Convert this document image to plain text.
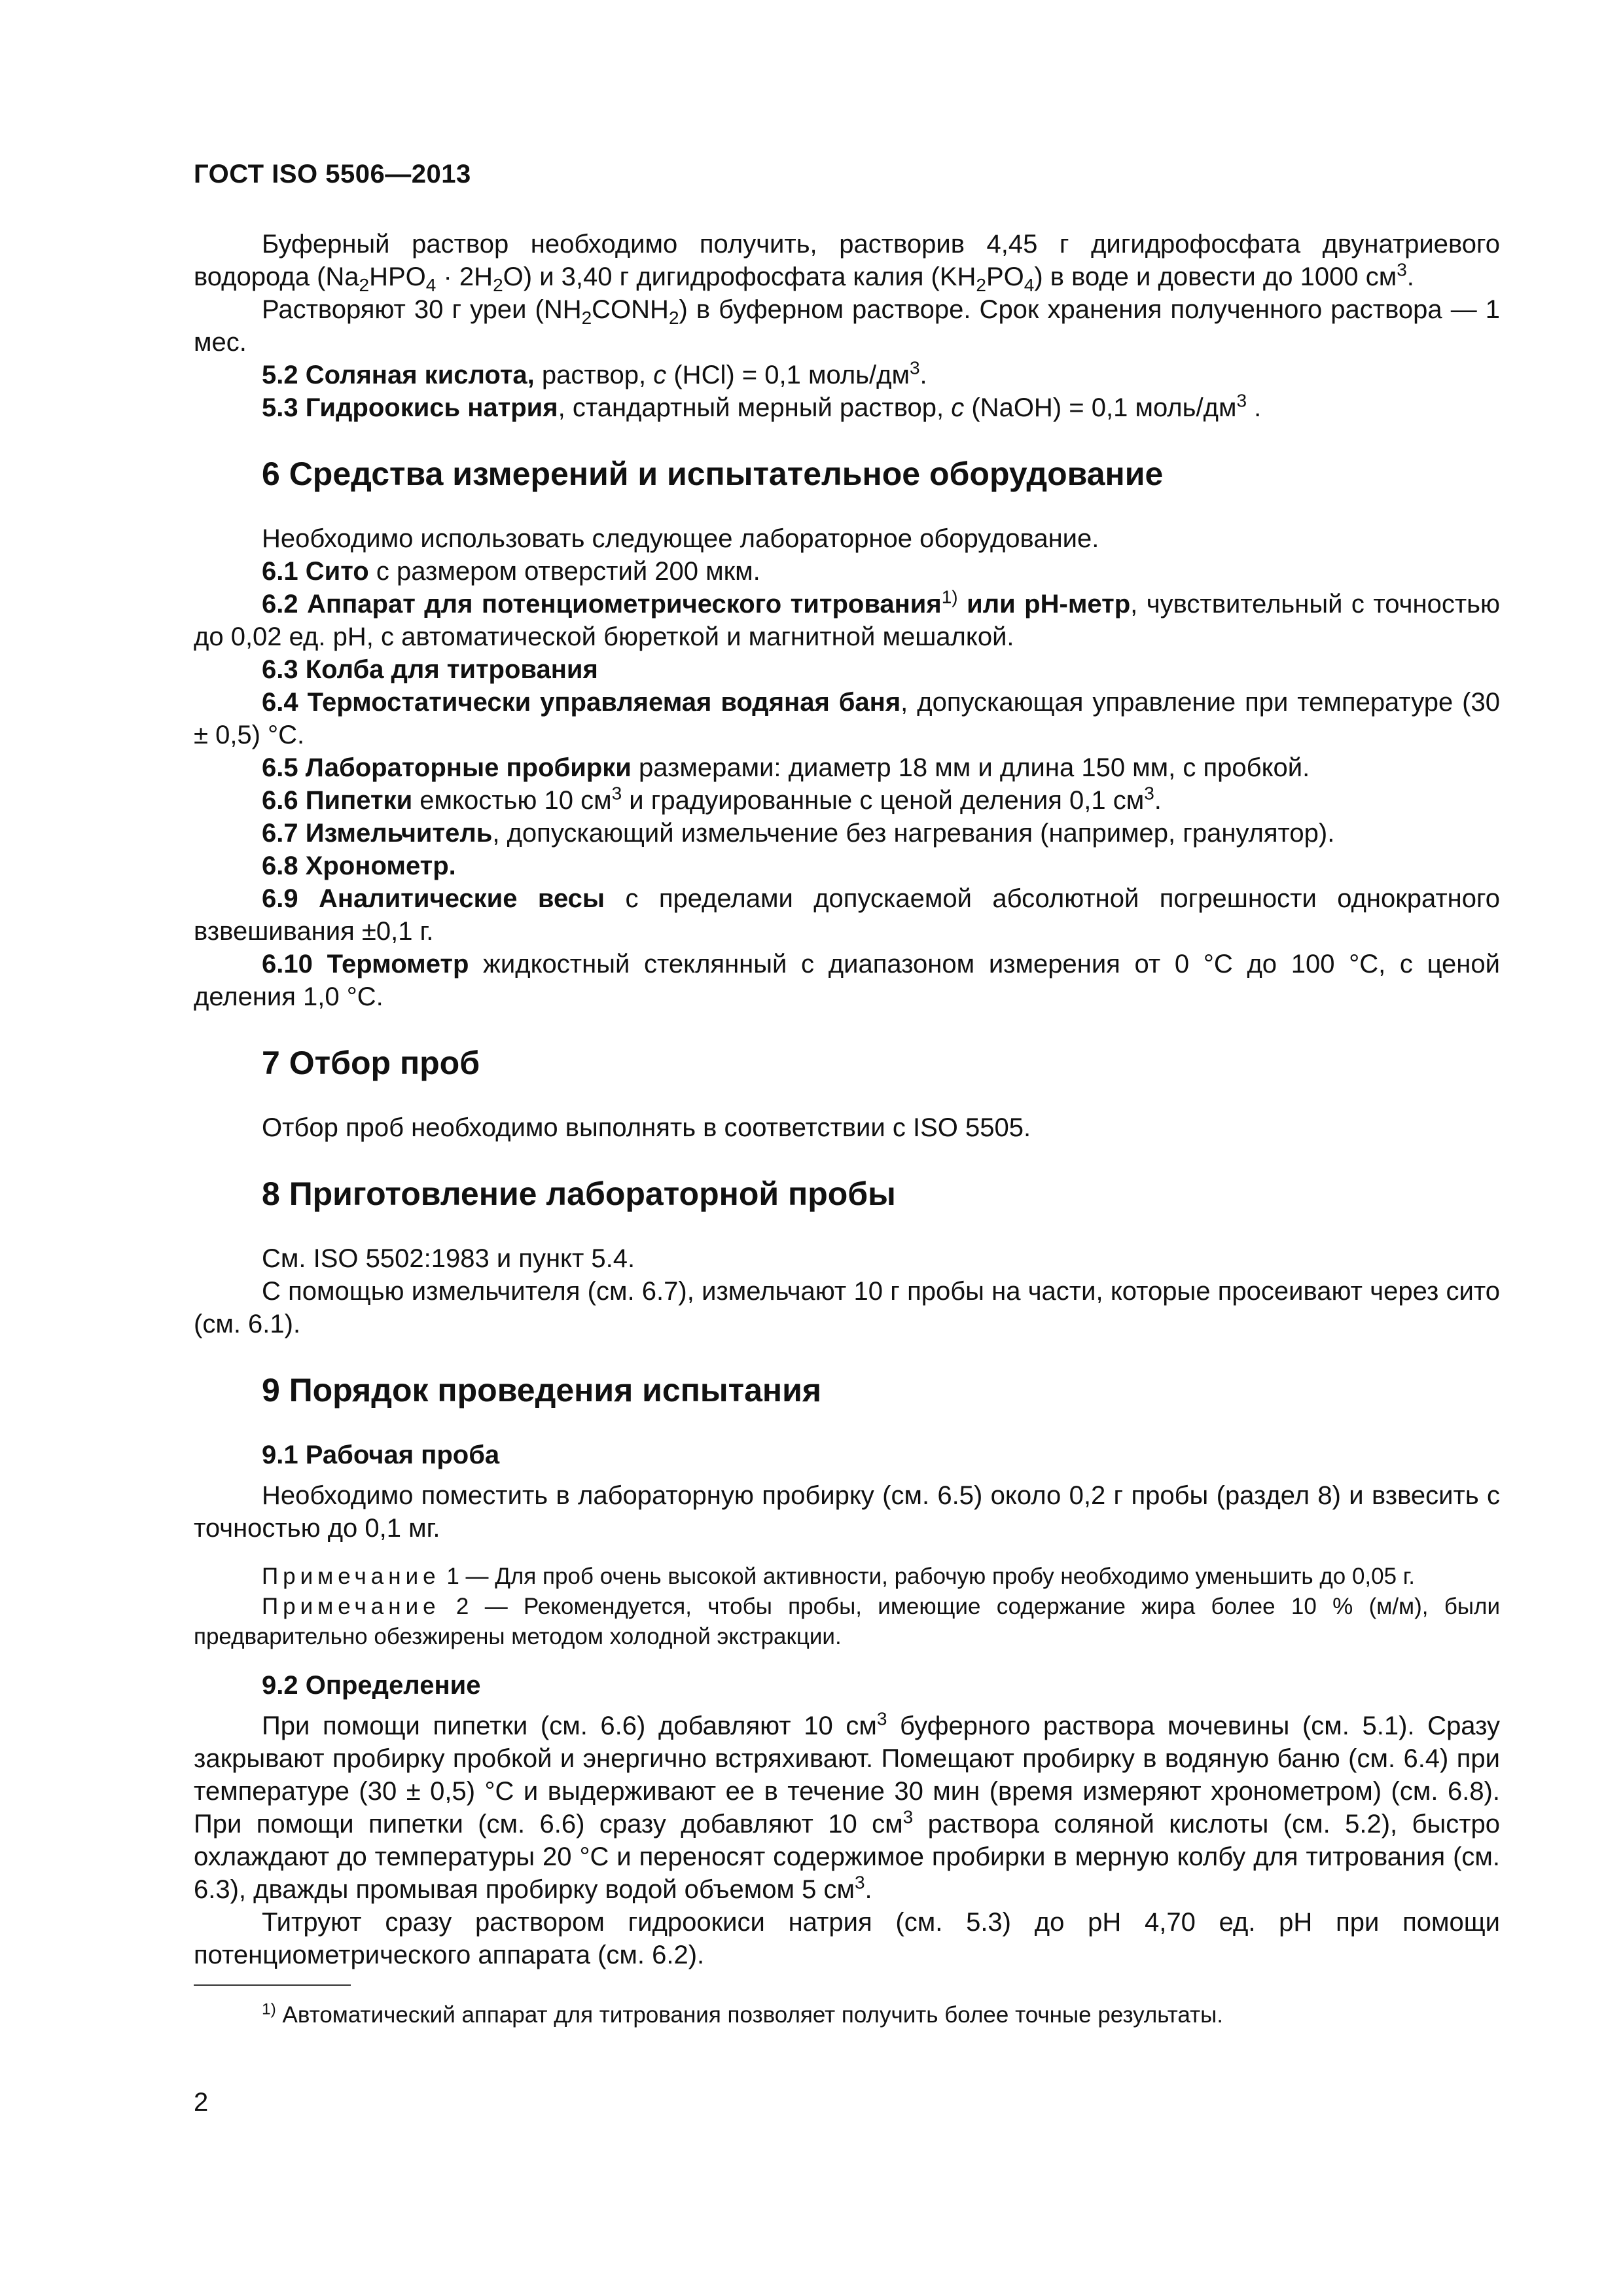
ГОСТ ISO 5506—2013

Буферный раствор необходимо получить, растворив 4,45 г дигидрофосфата двунатриевого водорода $(Na_2HPO_4 \cdot 2H_2O)$ и 3,40 г дигидрофосфата калия $(KH_2PO_4)$ в воде и довести до 1000 $см^3$.

Растворяют 30 г уреи $(NH_2CONH_2)$ в буферном растворе. Срок хранения полученного раствора — 1 мес.

5.2 Соляная кислота, раствор, c (HCl) = 0,1 моль/$дм^3$.

5.3 Гидроокись натрия, стандартный мерный раствор, c (NaOH) = 0,1 моль/$дм^3$ .

6 Средства измерений и испытательное оборудование

Необходимо использовать следующее лабораторное оборудование.

6.1 Сито с размером отверстий 200 мкм.

6.2 Аппарат для потенциометрического титрования$^{1)}$ или pH-метр, чувствительный с точностью до 0,02 ед. pH, с автоматической бюреткой и магнитной мешалкой.

6.3 Колба для титрования

6.4 Термостатически управляемая водяная баня, допускающая управление при температуре (30 ± 0,5) °C.

6.5 Лабораторные пробирки размерами: диаметр 18 мм и длина 150 мм, с пробкой.

6.6 Пипетки емкостью 10 $см^3$ и градуированные с ценой деления 0,1 $см^3$.

6.7 Измельчитель, допускающий измельчение без нагревания (например, гранулятор).

6.8 Хронометр.

6.9 Аналитические весы с пределами допускаемой абсолютной погрешности однократного взвешивания ±0,1 г.

6.10 Термометр жидкостный стеклянный с диапазоном измерения от 0 °C до 100 °C, с ценой деления 1,0 °C.

7 Отбор проб

Отбор проб необходимо выполнять в соответствии с ISO 5505.

8 Приготовление лабораторной пробы

См. ISO 5502:1983 и пункт 5.4.

С помощью измельчителя (см. 6.7), измельчают 10 г пробы на части, которые просеивают через сито (см. 6.1).

9 Порядок проведения испытания
9.1 Рабочая проба

Необходимо поместить в лабораторную пробирку (см. 6.5) около 0,2 г пробы (раздел 8) и взвесить с точностью до 0,1 мг.

Примечание 1 — Для проб очень высокой активности, рабочую пробу необходимо уменьшить до 0,05 г.

Примечание 2 — Рекомендуется, чтобы пробы, имеющие содержание жира более 10 % (м/м), были предварительно обезжирены методом холодной экстракции.

9.2 Определение

При помощи пипетки (см. 6.6) добавляют 10 $см^3$ буферного раствора мочевины (см. 5.1). Сразу закрывают пробирку пробкой и энергично встряхивают. Помещают пробирку в водяную баню (см. 6.4) при температуре (30 ± 0,5) °C и выдерживают ее в течение 30 мин (время измеряют хронометром) (см. 6.8). При помощи пипетки (см. 6.6) сразу добавляют 10 $см^3$ раствора соляной кислоты (см. 5.2), быстро охлаждают до температуры 20 °C и переносят содержимое пробирки в мерную колбу для титрования (см. 6.3), дважды промывая пробирку водой объемом 5 $см^3$.

Титруют сразу раствором гидроокиси натрия (см. 5.3) до pH 4,70 ед. pH при помощи потенциометрического аппарата (см. 6.2).

$^{1)}$ Автоматический аппарат для титрования позволяет получить более точные результаты.
2
